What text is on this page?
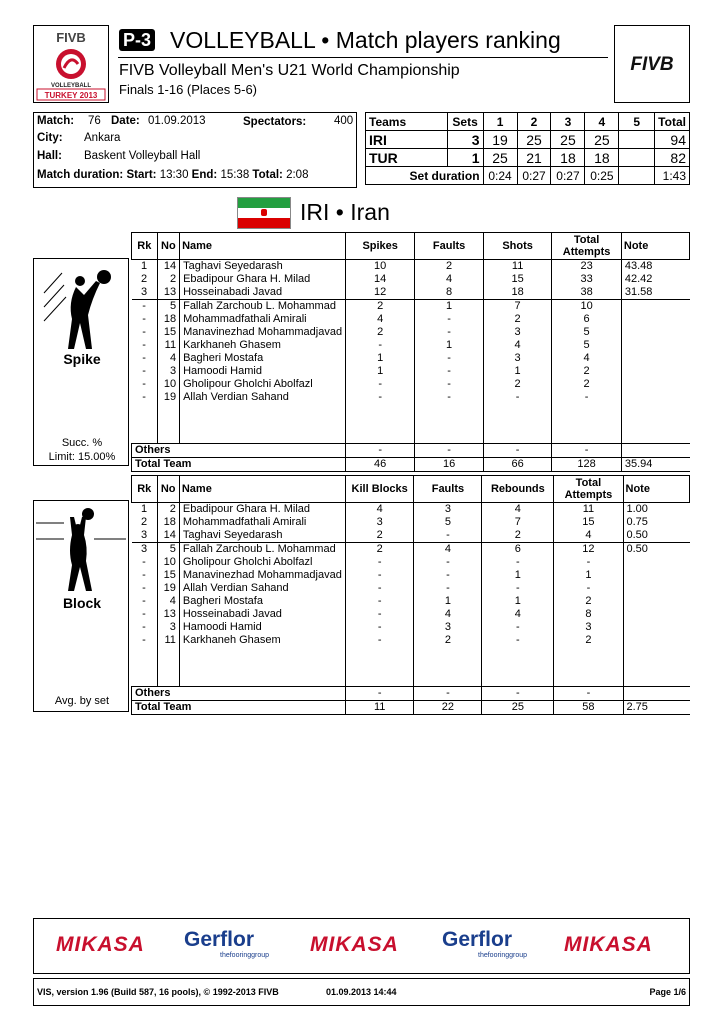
FIVB
VOLLEYBALL
TURKEY 2013
P-3 VOLLEYBALL • Match players ranking
FIVB Volleyball Men's U21 World Championship
Finals 1-16 (Places 5-6)
FIVB
Match: 76 Date: 01.09.2013	Spectators: 400
City: Ankara
Hall: Baskent Volleyball Hall
Match duration: Start: 13:30 End: 15:38 Total: 2:08
Teams	Sets	1	2	3	4	5	Total
IRI	3	19	25	25	25		94
TUR	1	25	21	18	18		82
Set duration		0:24	0:27	0:27	0:25		1:43
IRI • Iran
Spike
Succ. %
Limit: 15.00%
Rk	No	Name	Spikes	Faults	Shots	Total Attempts	Note
1	14	Taghavi Seyedarash	10	2	11	23	43.48
2	2	Ebadipour Ghara H. Milad	14	4	15	33	42.42
3	13	Hosseinabadi Javad	12	8	18	38	31.58
-	5	Fallah Zarchoub L. Mohammad	2	1	7	10	
-	18	Mohammadfathali Amirali	4	-	2	6	
-	15	Manavinezhad Mohammadjavad	2	-	3	5	
-	11	Karkhaneh Ghasem	-	1	4	5	
-	4	Bagheri Mostafa	1	-	3	4	
-	3	Hamoodi Hamid	1	-	1	2	
-	10	Gholipour Gholchi Abolfazl	-	-	2	2	
-	19	Allah Verdian Sahand	-	-	-	-	

Others			-	-	-	-	
Total Team			46	16	66	128	35.94
Block
Avg. by set
Rk	No	Name	Kill Blocks	Faults	Rebounds	Total Attempts	Note
1	2	Ebadipour Ghara H. Milad	4	3	4	11	1.00
2	18	Mohammadfathali Amirali	3	5	7	15	0.75
3	14	Taghavi Seyedarash	2	-	2	4	0.50
3	5	Fallah Zarchoub L. Mohammad	2	4	6	12	0.50
-	10	Gholipour Gholchi Abolfazl	-	-	-	-	
-	15	Manavinezhad Mohammadjavad	-	-	1	1	
-	19	Allah Verdian Sahand	-	-	-	-	
-	4	Bagheri Mostafa	-	1	1	2	
-	13	Hosseinabadi Javad	-	4	4	8	
-	3	Hamoodi Hamid	-	3	-	3	
-	11	Karkhaneh Ghasem	-	2	-	2	

Others			-	-	-	-	
Total Team			11	22	25	58	2.75
MIKASA Gerflor
thefooringgroup MIKASA Gerflor
thefooringgroup MIKASA
VIS, version 1.96 (Build 587, 16 pools), © 1992-2013 FIVB	01.09.2013 14:44	Page 1/6
